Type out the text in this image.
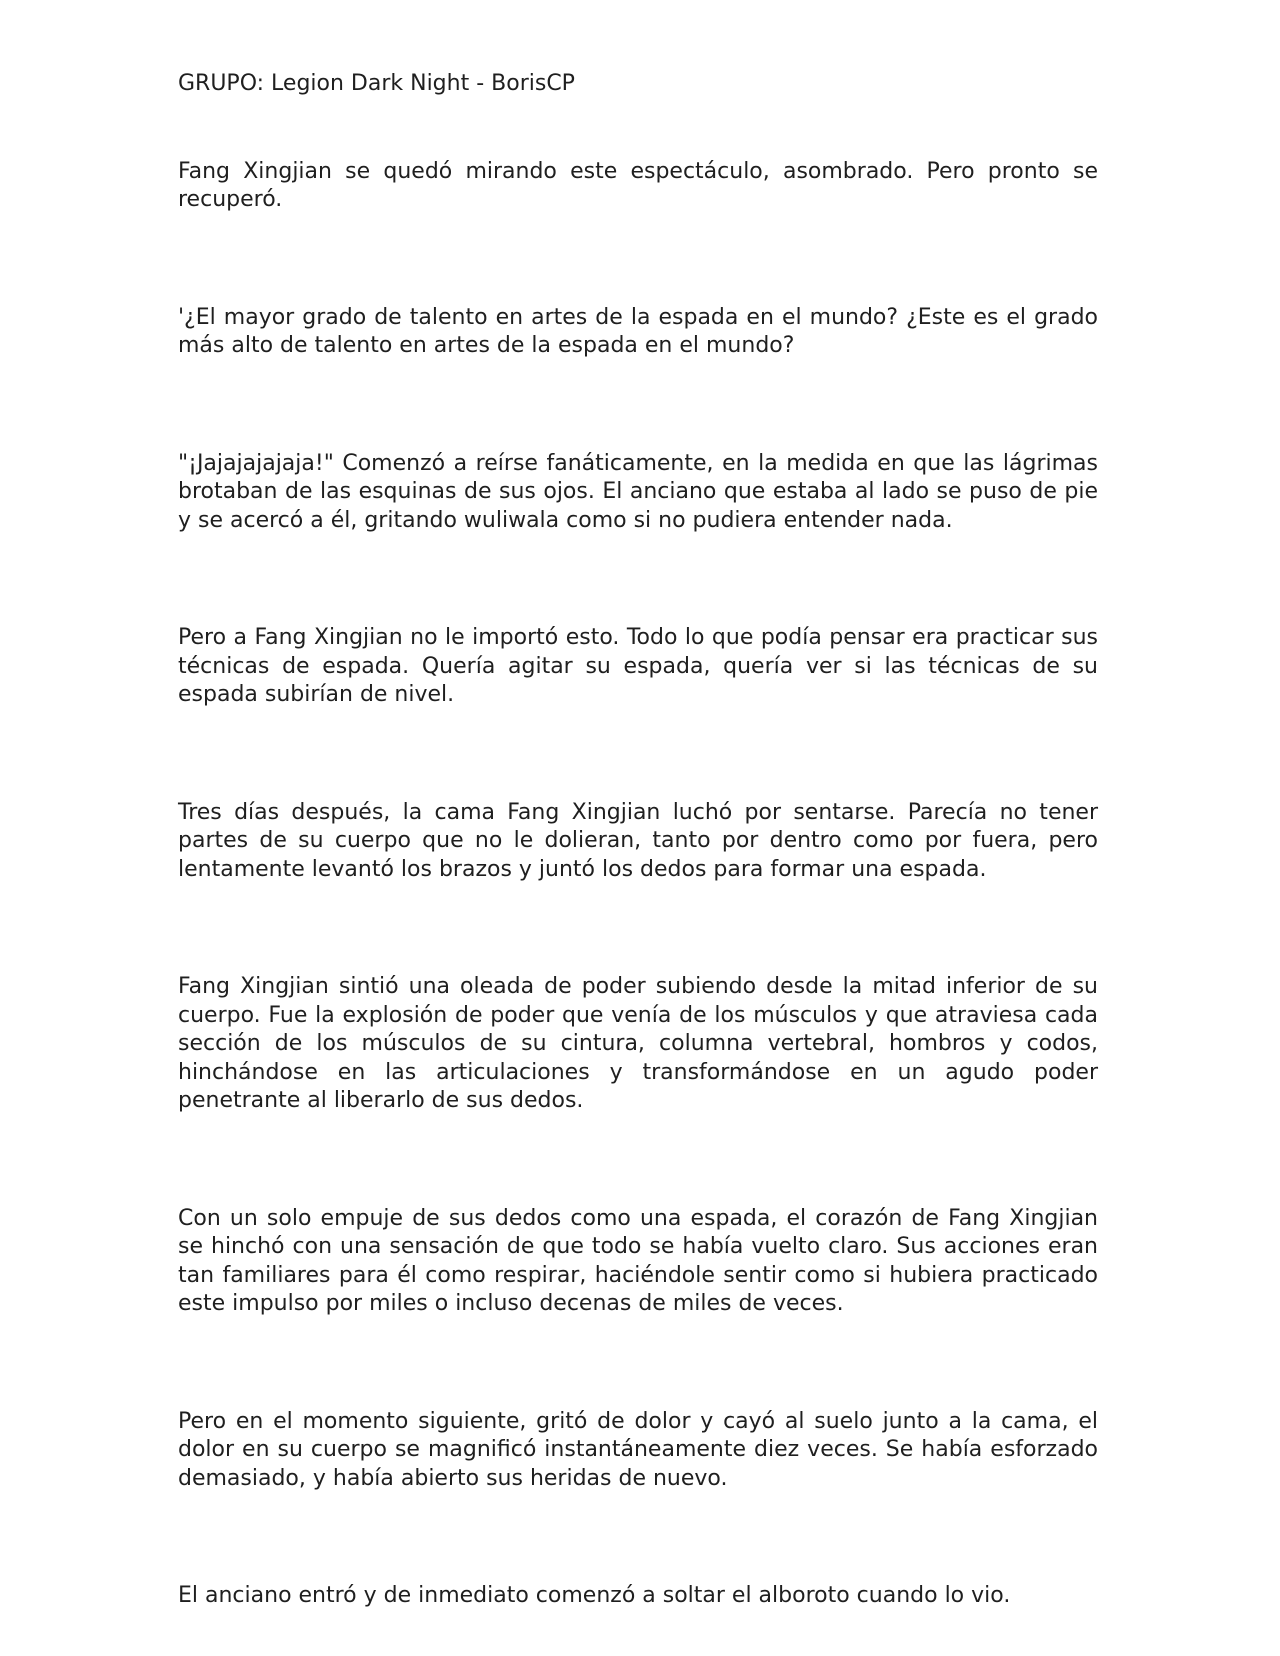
GRUPO: Legion Dark Night - BorisCP

Fang Xingjian se quedó mirando este espectáculo, asombrado. Pero pronto se recuperó.

'¿El mayor grado de talento en artes de la espada en el mundo? ¿Este es el grado más alto de talento en artes de la espada en el mundo?

"¡Jajajajajaja!" Comenzó a reírse fanáticamente, en la medida en que las lágrimas brotaban de las esquinas de sus ojos. El anciano que estaba al lado se puso de pie y se acercó a él, gritando wuliwala como si no pudiera entender nada.

Pero a Fang Xingjian no le importó esto. Todo lo que podía pensar era practicar sus técnicas de espada. Quería agitar su espada, quería ver si las técnicas de su espada subirían de nivel.

Tres días después, la cama Fang Xingjian luchó por sentarse. Parecía no tener partes de su cuerpo que no le dolieran, tanto por dentro como por fuera, pero lentamente levantó los brazos y juntó los dedos para formar una espada.

Fang Xingjian sintió una oleada de poder subiendo desde la mitad inferior de su cuerpo. Fue la explosión de poder que venía de los músculos y que atraviesa cada sección de los músculos de su cintura, columna vertebral, hombros y codos, hinchándose en las articulaciones y transformándose en un agudo poder penetrante al liberarlo de sus dedos.

Con un solo empuje de sus dedos como una espada, el corazón de Fang Xingjian se hinchó con una sensación de que todo se había vuelto claro. Sus acciones eran tan familiares para él como respirar, haciéndole sentir como si hubiera practicado este impulso por miles o incluso decenas de miles de veces.

Pero en el momento siguiente, gritó de dolor y cayó al suelo junto a la cama, el dolor en su cuerpo se magnificó instantáneamente diez veces. Se había esforzado demasiado, y había abierto sus heridas de nuevo.

El anciano entró y de inmediato comenzó a soltar el alboroto cuando lo vio.
